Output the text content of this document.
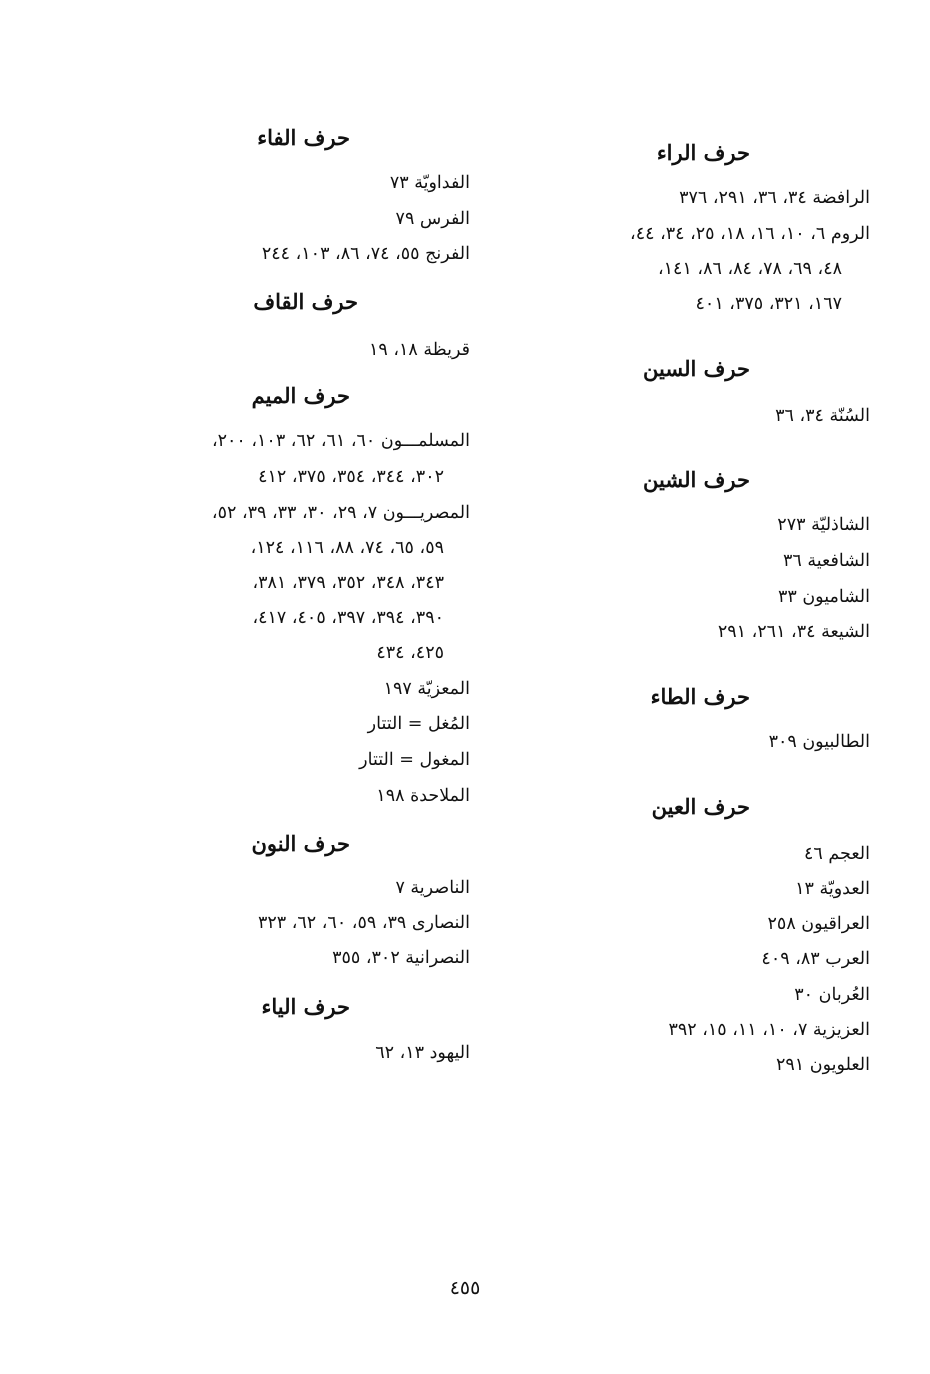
حرف الراء
الرافضة ٣٤، ٣٦، ٢٩١، ٣٧٦
الروم ٦، ١٠، ١٦، ١٨، ٢٥، ٣٤، ٤٤،
٤٨، ٦٩، ٧٨، ٨٤، ٨٦، ١٤١،
١٦٧، ٣٢١، ٣٧٥، ٤٠١
حرف السين
السُنّة ٣٤، ٣٦
حرف الشين
الشاذليّة ٢٧٣
الشافعية ٣٦
الشاميون ٣٣
الشيعة ٣٤، ٢٦١، ٢٩١
حرف الطاء
الطالبيون ٣٠٩
حرف العين
العجم ٤٦
العدويّة ١٣
العراقيون ٢٥٨
العرب ٨٣، ٤٠٩
العُربان ٣٠
العزيزية ٧، ١٠، ١١، ١٥، ٣٩٢
العلويون ٢٩١
حرف الفاء
الفداويّة ٧٣
الفرس ٧٩
الفرنج ٥٥، ٧٤، ٨٦، ١٠٣، ٢٤٤
حرف القاف
قريظة ١٨، ١٩
حرف الميم
المسلمـــون ٦٠، ٦١، ٦٢، ١٠٣، ٢٠٠،
٣٠٢، ٣٤٤، ٣٥٤، ٣٧٥، ٤١٢
المصريـــون ٧، ٢٩، ٣٠، ٣٣، ٣٩، ٥٢،
٥٩، ٦٥، ٧٤، ٨٨، ١١٦، ١٢٤،
٣٤٣، ٣٤٨، ٣٥٢، ٣٧٩، ٣٨١،
٣٩٠، ٣٩٤، ٣٩٧، ٤٠٥، ٤١٧،
٤٢٥، ٤٣٤
المعزيّة ١٩٧
المُغل = التتار
المغول = التتار
الملاحدة ١٩٨
حرف النون
الناصرية ٧
النصارى ٣٩، ٥٩، ٦٠، ٦٢، ٣٢٣
النصرانية ٣٠٢، ٣٥٥
حرف الياء
اليهود ١٣، ٦٢
٤٥٥
